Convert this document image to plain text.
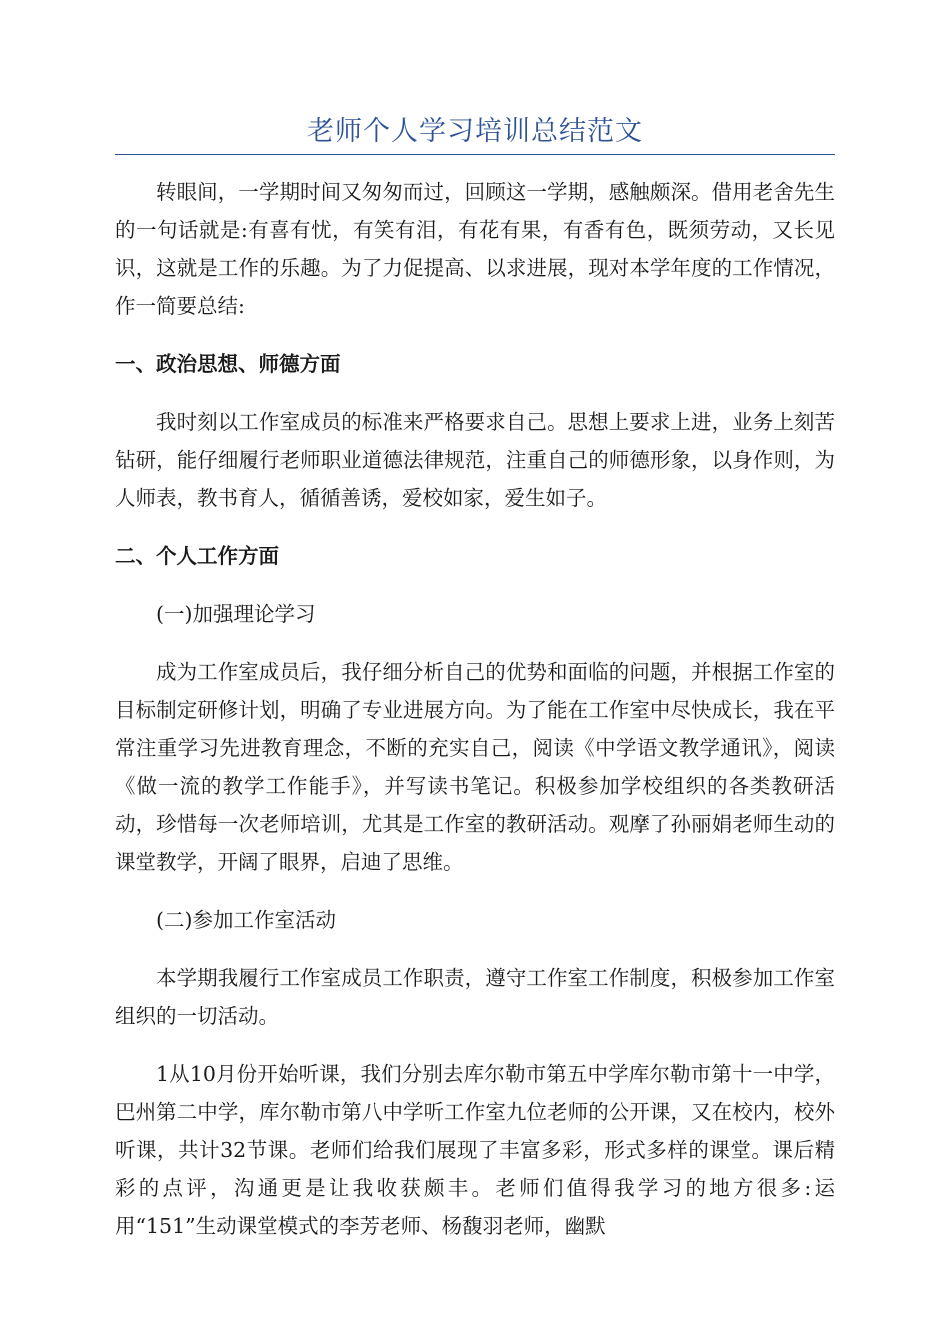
老师个人学习培训总结范文

转眼间，一学期时间又匆匆而过，回顾这一学期，感触颇深。借用老舍先生的一句话就是:有喜有忧，有笑有泪，有花有果，有香有色，既须劳动，又长见识，这就是工作的乐趣。为了力促提高、以求进展，现对本学年度的工作情况，作一简要总结:

一、政治思想、师德方面

我时刻以工作室成员的标准来严格要求自己。思想上要求上进，业务上刻苦钻研，能仔细履行老师职业道德法律规范，注重自己的师德形象，以身作则，为人师表，教书育人，循循善诱，爱校如家，爱生如子。

二、个人工作方面

(一)加强理论学习

成为工作室成员后，我仔细分析自己的优势和面临的问题，并根据工作室的目标制定研修计划，明确了专业进展方向。为了能在工作室中尽快成长，我在平常注重学习先进教育理念，不断的充实自己，阅读《中学语文教学通讯》，阅读《做一流的教学工作能手》，并写读书笔记。积极参加学校组织的各类教研活动，珍惜每一次老师培训，尤其是工作室的教研活动。观摩了孙丽娟老师生动的课堂教学，开阔了眼界，启迪了思维。

(二)参加工作室活动

本学期我履行工作室成员工作职责，遵守工作室工作制度，积极参加工作室组织的一切活动。

1从10月份开始听课，我们分别去库尔勒市第五中学库尔勒市第十一中学，巴州第二中学，库尔勒市第八中学听工作室九位老师的公开课，又在校内，校外听课，共计32节课。老师们给我们展现了丰富多彩，形式多样的课堂。课后精彩的点评，沟通更是让我收获颇丰。老师们值得我学习的地方很多:运用“151”生动课堂模式的李芳老师、杨馥羽老师，幽默
